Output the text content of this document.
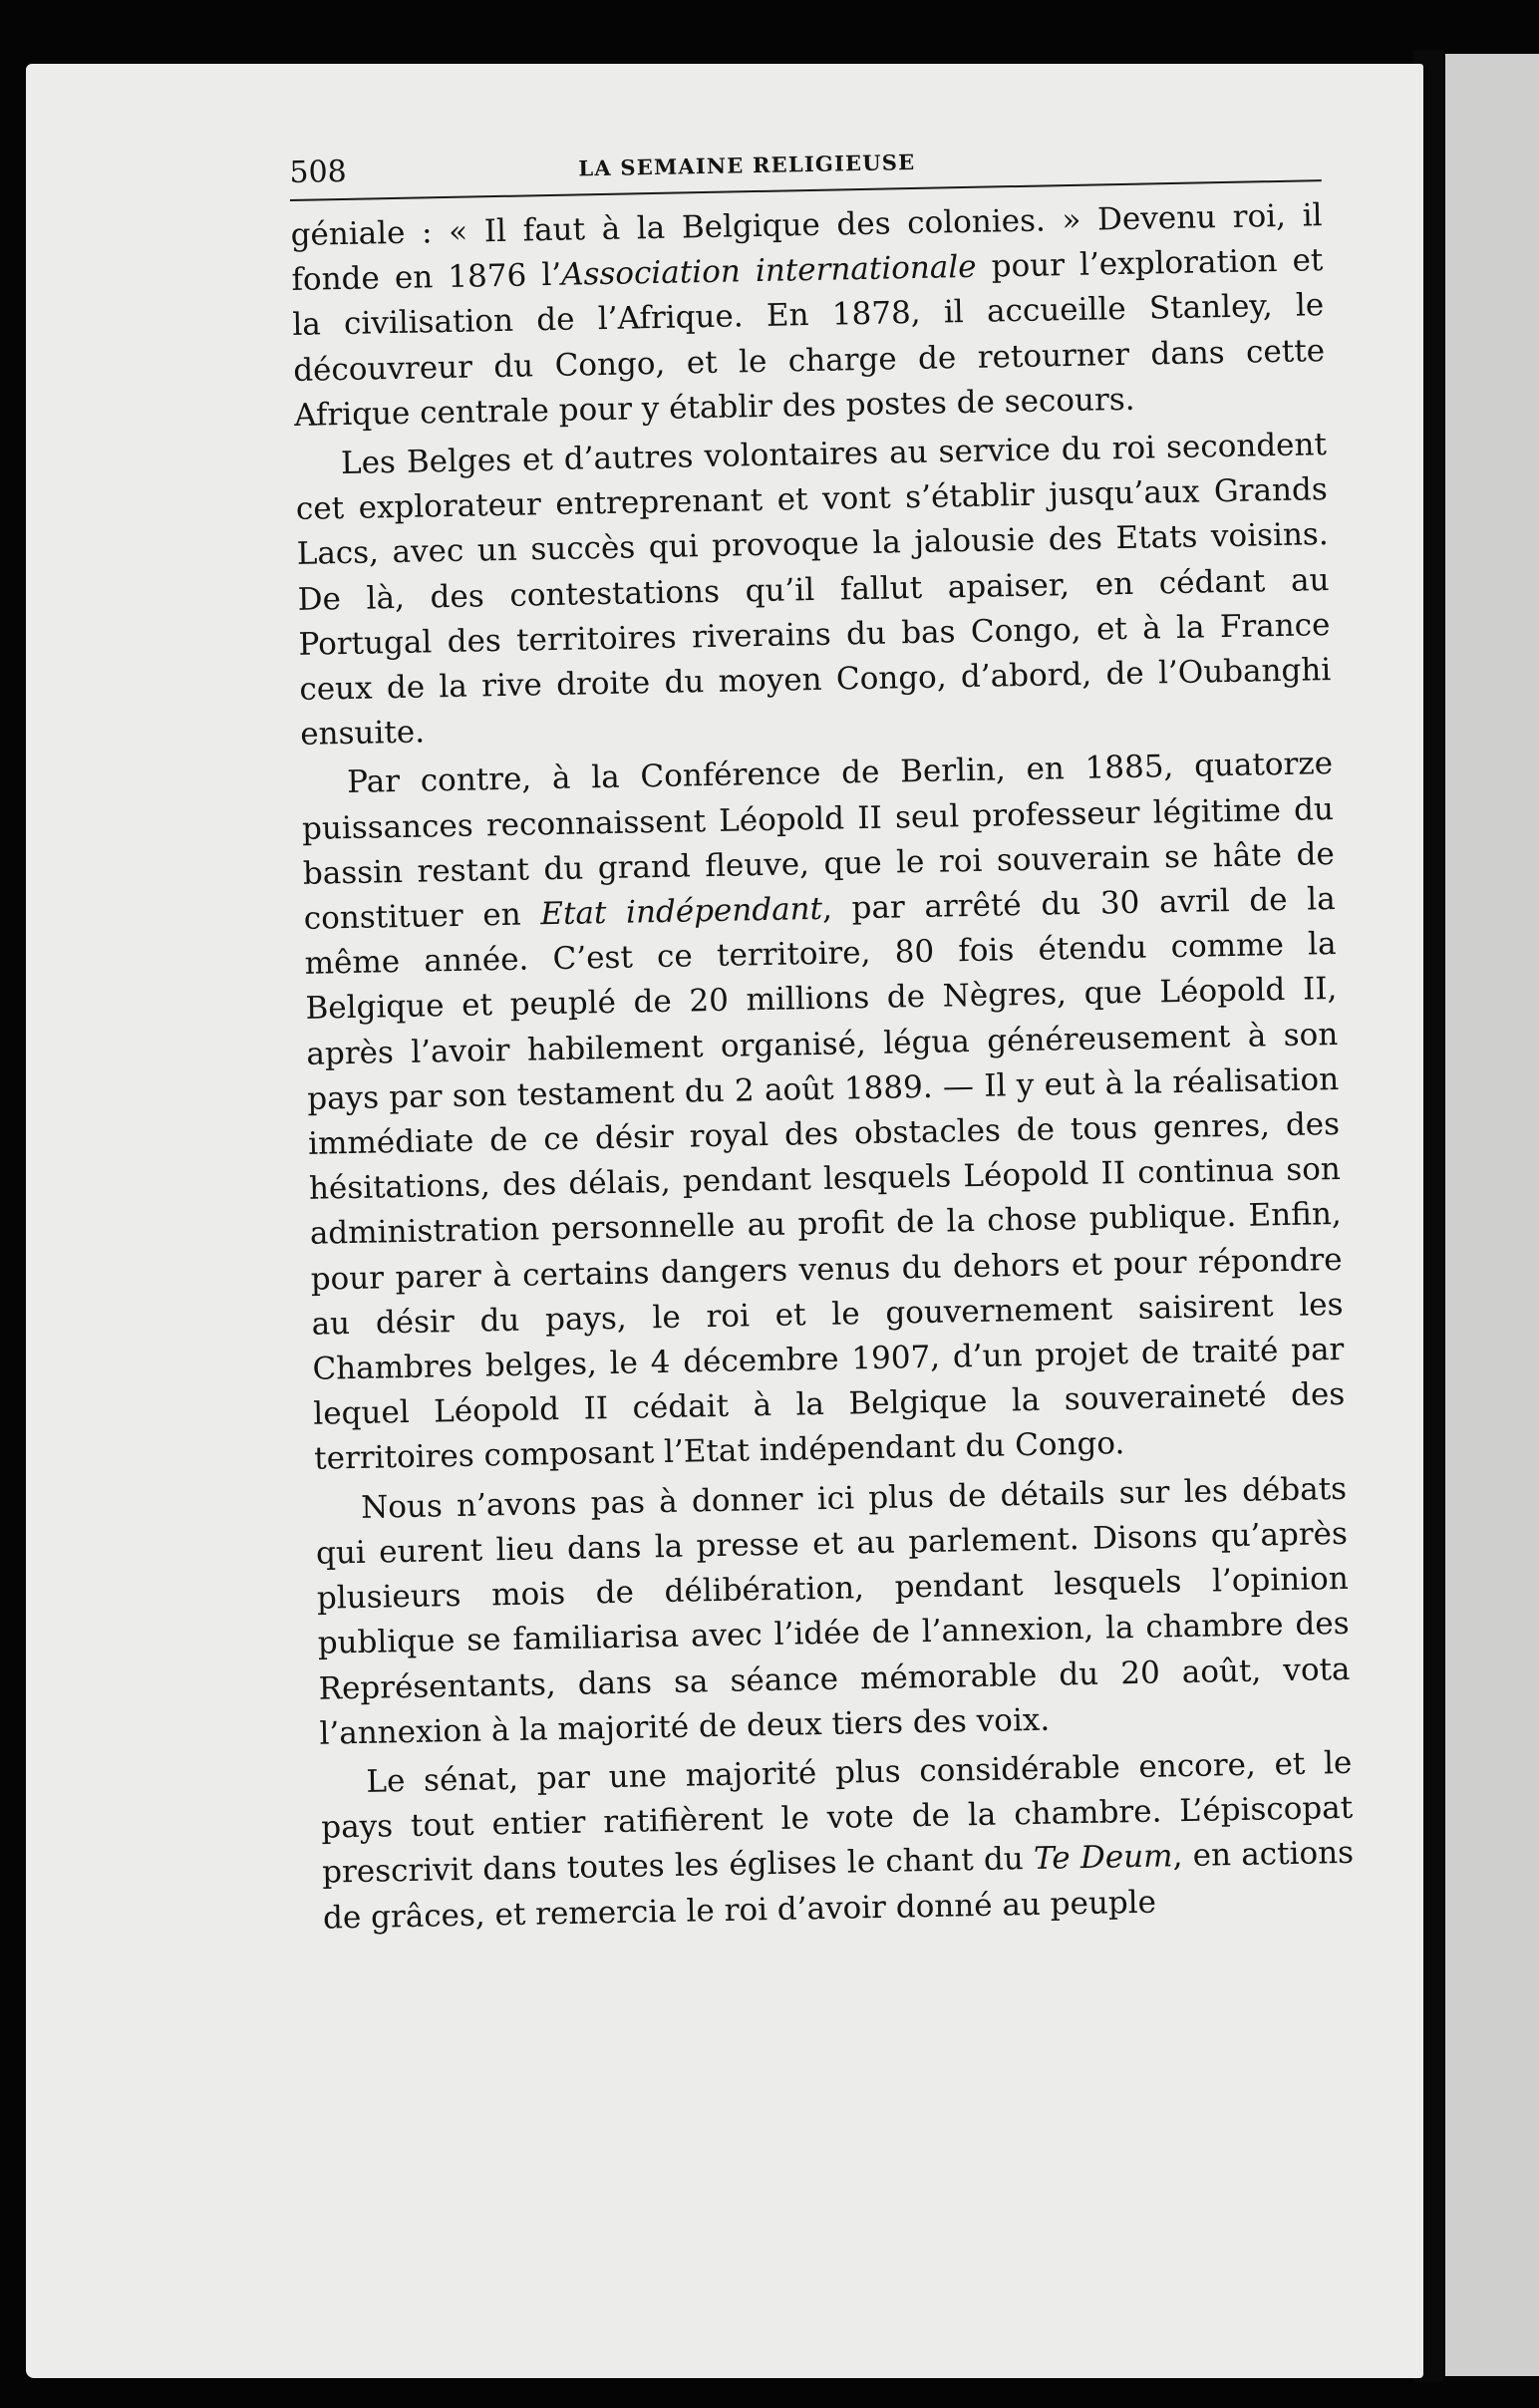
508	LA SEMAINE RELIGIEUSE

géniale : « Il faut à la Belgique des colonies. » Devenu roi, il fonde en 1876 l’Association internationale pour l’exploration et la civilisation de l’Afrique. En 1878, il accueille Stanley, le découvreur du Congo, et le charge de retourner dans cette Afrique centrale pour y établir des postes de secours.

Les Belges et d’autres volontaires au service du roi secondent cet explorateur entreprenant et vont s’établir jusqu’aux Grands Lacs, avec un succès qui provoque la jalousie des Etats voisins. De là, des contestations qu’il fallut apaiser, en cédant au Portugal des territoires riverains du bas Congo, et à la France ceux de la rive droite du moyen Congo, d’abord, de l’Oubanghi ensuite.

Par contre, à la Conférence de Berlin, en 1885, quatorze puissances reconnaissent Léopold II seul professeur légitime du bassin restant du grand fleuve, que le roi souverain se hâte de constituer en Etat indépendant, par arrêté du 30 avril de la même année. C’est ce territoire, 80 fois étendu comme la Belgique et peuplé de 20 millions de Nègres, que Léopold II, après l’avoir habilement organisé, légua généreusement à son pays par son testament du 2 août 1889. — Il y eut à la réalisation immédiate de ce désir royal des obstacles de tous genres, des hésitations, des délais, pendant lesquels Léopold II continua son administration personnelle au profit de la chose publique. Enfin, pour parer à certains dangers venus du dehors et pour répondre au désir du pays, le roi et le gouvernement saisirent les Chambres belges, le 4 décembre 1907, d’un projet de traité par lequel Léopold II cédait à la Belgique la souveraineté des territoires composant l’Etat indépendant du Congo.

Nous n’avons pas à donner ici plus de détails sur les débats qui eurent lieu dans la presse et au parlement. Disons qu’après plusieurs mois de délibération, pendant lesquels l’opinion publique se familiarisa avec l’idée de l’annexion, la chambre des Représentants, dans sa séance mémorable du 20 août, vota l’annexion à la majorité de deux tiers des voix.

Le sénat, par une majorité plus considérable encore, et le pays tout entier ratifièrent le vote de la chambre. L’épiscopat prescrivit dans toutes les églises le chant du Te Deum, en actions de grâces, et remercia le roi d’avoir donné au peuple
